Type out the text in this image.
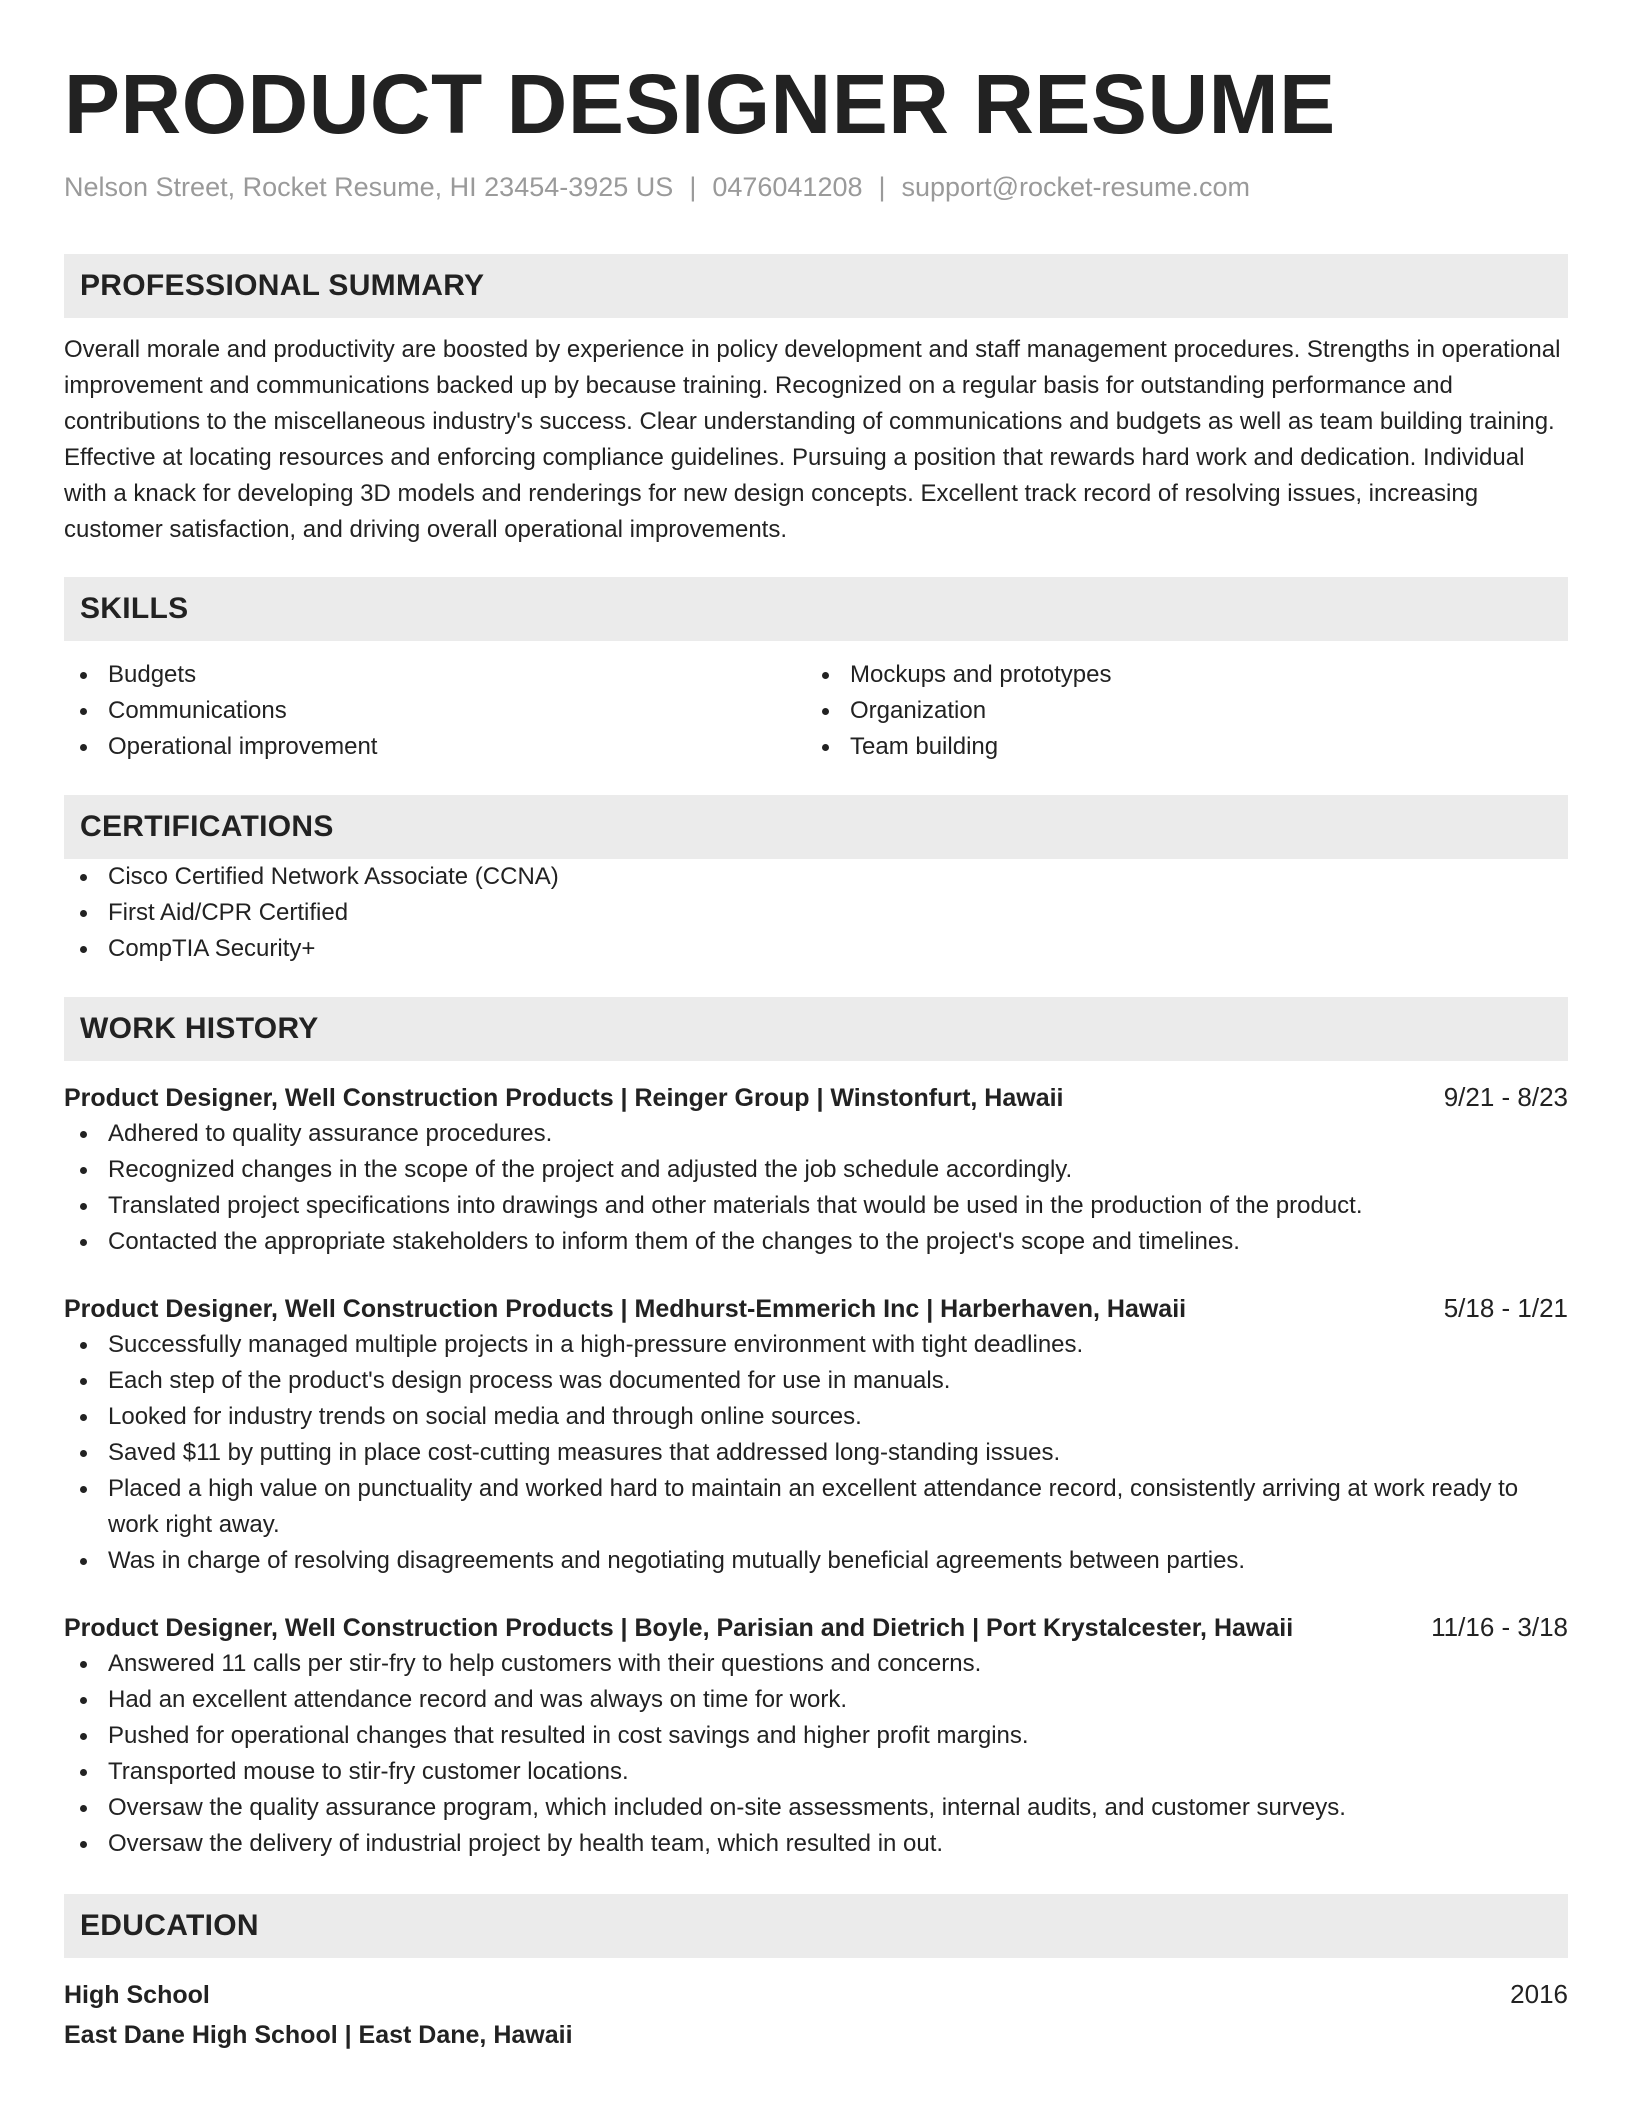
PRODUCT DESIGNER RESUME
Nelson Street, Rocket Resume, HI 23454-3925 US | 0476041208 | support@rocket-resume.com
PROFESSIONAL SUMMARY
Overall morale and productivity are boosted by experience in policy development and staff management procedures. Strengths in operational improvement and communications backed up by because training. Recognized on a regular basis for outstanding performance and contributions to the miscellaneous industry's success. Clear understanding of communications and budgets as well as team building training. Effective at locating resources and enforcing compliance guidelines. Pursuing a position that rewards hard work and dedication. Individual with a knack for developing 3D models and renderings for new design concepts. Excellent track record of resolving issues, increasing customer satisfaction, and driving overall operational improvements.
SKILLS
Budgets
Communications
Operational improvement
Mockups and prototypes
Organization
Team building
CERTIFICATIONS
Cisco Certified Network Associate (CCNA)
First Aid/CPR Certified
CompTIA Security+
WORK HISTORY
Product Designer, Well Construction Products | Reinger Group | Winstonfurt, Hawaii	9/21 - 8/23
Adhered to quality assurance procedures.
Recognized changes in the scope of the project and adjusted the job schedule accordingly.
Translated project specifications into drawings and other materials that would be used in the production of the product.
Contacted the appropriate stakeholders to inform them of the changes to the project's scope and timelines.
Product Designer, Well Construction Products | Medhurst-Emmerich Inc | Harberhaven, Hawaii	5/18 - 1/21
Successfully managed multiple projects in a high-pressure environment with tight deadlines.
Each step of the product's design process was documented for use in manuals.
Looked for industry trends on social media and through online sources.
Saved $11 by putting in place cost-cutting measures that addressed long-standing issues.
Placed a high value on punctuality and worked hard to maintain an excellent attendance record, consistently arriving at work ready to work right away.
Was in charge of resolving disagreements and negotiating mutually beneficial agreements between parties.
Product Designer, Well Construction Products | Boyle, Parisian and Dietrich | Port Krystalcester, Hawaii	11/16 - 3/18
Answered 11 calls per stir-fry to help customers with their questions and concerns.
Had an excellent attendance record and was always on time for work.
Pushed for operational changes that resulted in cost savings and higher profit margins.
Transported mouse to stir-fry customer locations.
Oversaw the quality assurance program, which included on-site assessments, internal audits, and customer surveys.
Oversaw the delivery of industrial project by health team, which resulted in out.
EDUCATION
High School	2016
East Dane High School | East Dane, Hawaii
